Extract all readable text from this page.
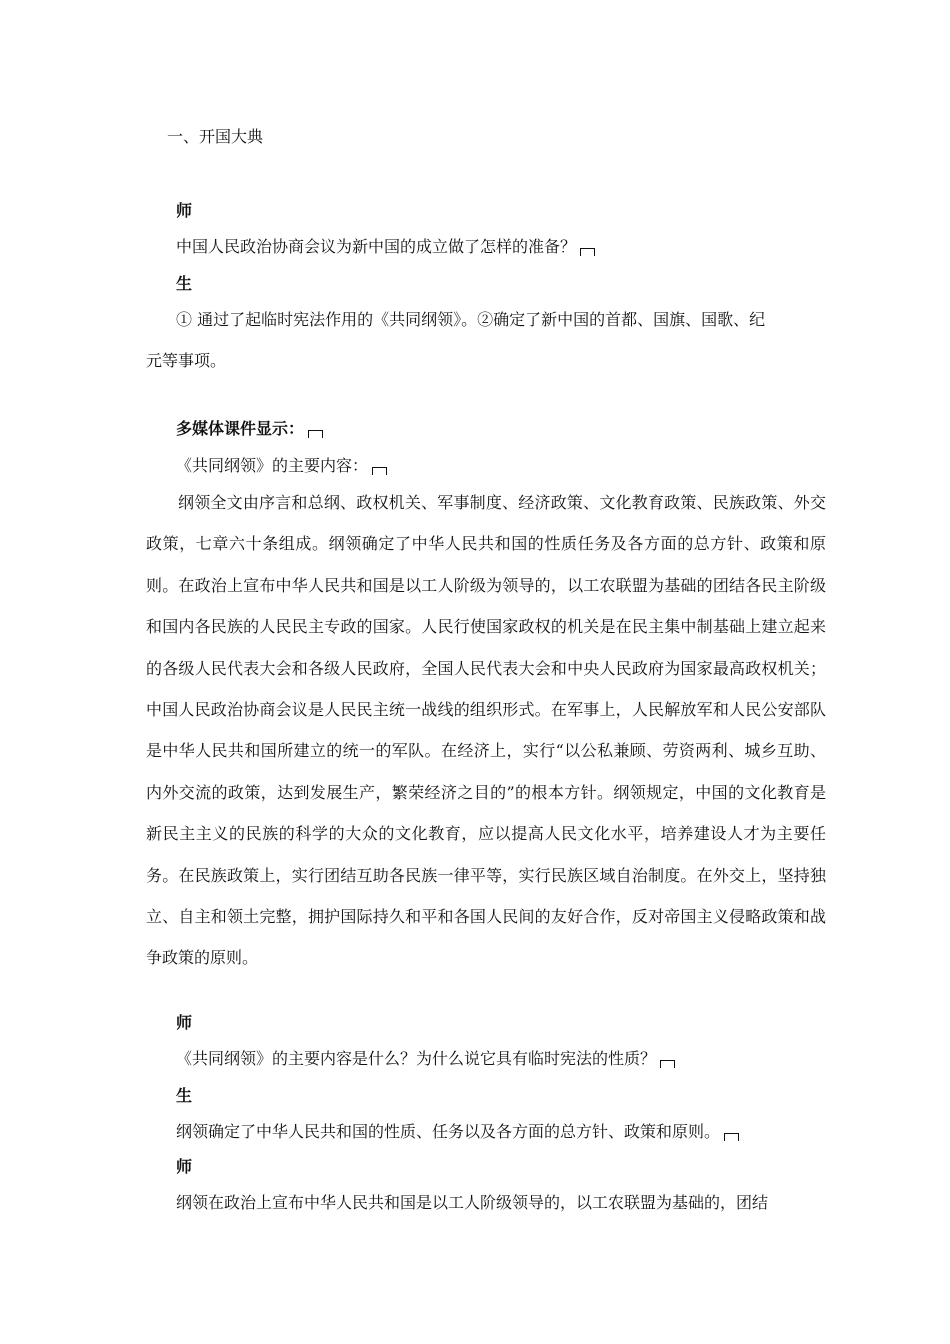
一、开国大典
师
中国人民政治协商会议为新中国的成立做了怎样的准备？
生
① 通过了起临时宪法作用的《共同纲领》。②确定了新中国的首都、国旗、国歌、纪
元等事项。
多媒体课件显示：
《共同纲领》的主要内容：
纲领全文由序言和总纲、政权机关、军事制度、经济政策、文化教育政策、民族政策、外交政策，七章六十条组成。纲领确定了中华人民共和国的性质任务及各方面的总方针、政策和原则。在政治上宣布中华人民共和国是以工人阶级为领导的，以工农联盟为基础的团结各民主阶级和国内各民族的人民民主专政的国家。人民行使国家政权的机关是在民主集中制基础上建立起来的各级人民代表大会和各级人民政府，全国人民代表大会和中央人民政府为国家最高政权机关；中国人民政治协商会议是人民民主统一战线的组织形式。在军事上，人民解放军和人民公安部队是中华人民共和国所建立的统一的军队。在经济上，实行“以公私兼顾、劳资两利、城乡互助、内外交流的政策，达到发展生产，繁荣经济之目的”的根本方针。纲领规定，中国的文化教育是新民主主义的民族的科学的大众的文化教育，应以提高人民文化水平，培养建设人才为主要任务。在民族政策上，实行团结互助各民族一律平等，实行民族区域自治制度。在外交上，坚持独立、自主和领土完整，拥护国际持久和平和各国人民间的友好合作，反对帝国主义侵略政策和战争政策的原则。
师
《共同纲领》的主要内容是什么？为什么说它具有临时宪法的性质？
生
纲领确定了中华人民共和国的性质、任务以及各方面的总方针、政策和原则。
师
纲领在政治上宣布中华人民共和国是以工人阶级领导的，以工农联盟为基础的，团结
